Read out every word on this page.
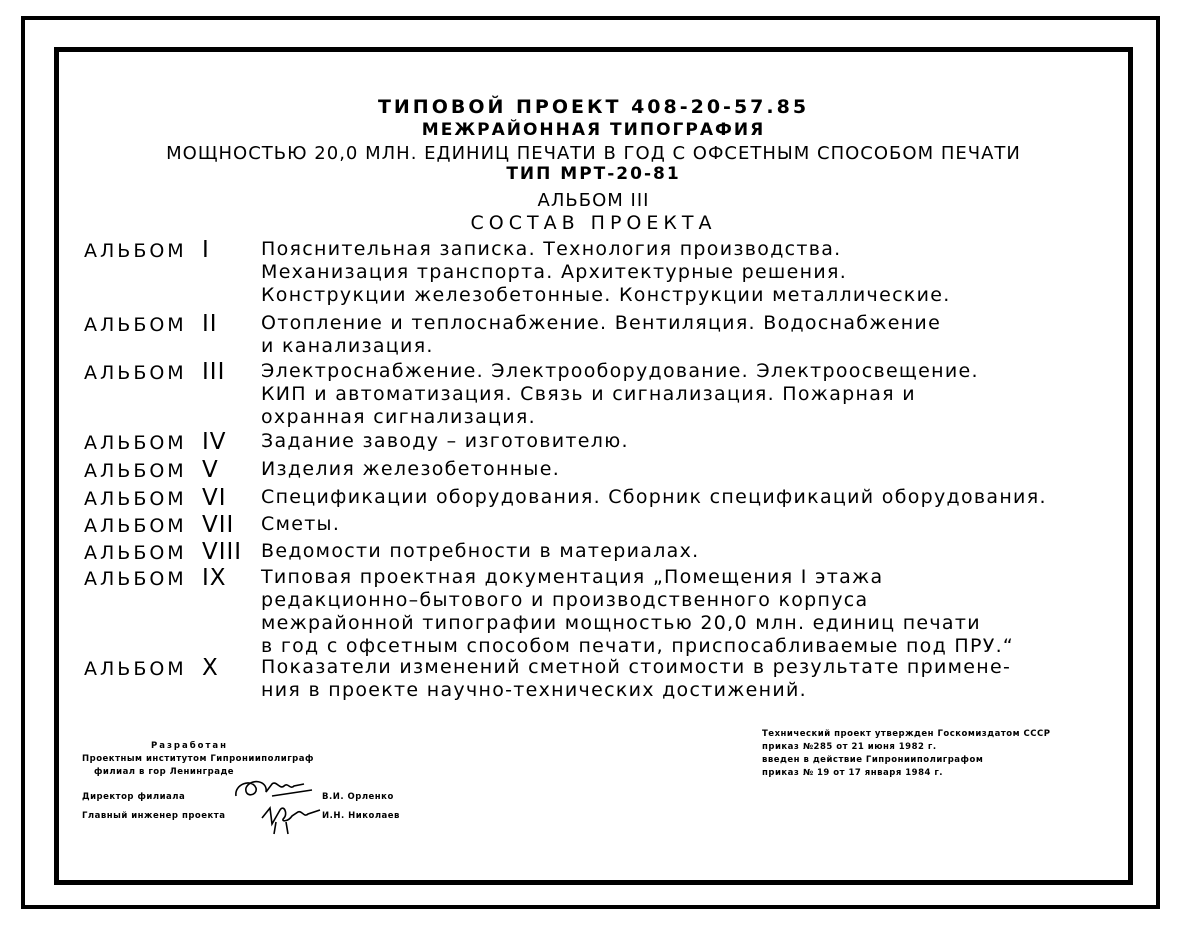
ТИПОВОЙ ПРОЕКТ 408-20-57.85
МЕЖРАЙОННАЯ ТИПОГРАФИЯ
МОЩНОСТЬЮ 20,0 МЛН. ЕДИНИЦ ПЕЧАТИ В ГОД С ОФСЕТНЫМ СПОСОБОМ ПЕЧАТИ
ТИП МРТ-20-81
АЛЬБОМ III
СОСТАВ ПРОЕКТА
АЛЬБОМ I	Пояснительная записка. Технология производства.
Механизация транспорта. Архитектурные решения.
Конструкции железобетонные. Конструкции металлические.
АЛЬБОМ II Отопление и теплоснабжение. Вентиляция. Водоснабжение
и канализация.
АЛЬБОМ III Электроснабжение. Электрооборудование. Электроосвещение.
КИП и автоматизация. Связь и сигнализация. Пожарная и
охранная сигнализация.
АЛЬБОМ IV Задание заводу – изготовителю.
АЛЬБОМ V Изделия железобетонные.
АЛЬБОМ VI Спецификации оборудования. Сборник спецификаций оборудования.
АЛЬБОМ VII Сметы.
АЛЬБОМ VIII Ведомости потребности в материалах.
АЛЬБОМ IX Типовая проектная документация „Помещения I этажа
редакционно–бытового и производственного корпуса
межрайонной типографии мощностью 20,0 млн. единиц печати
в год с офсетным способом печати, приспосабливаемые под ПРУ.“
АЛЬБОМ X Показатели изменений сметной стоимости в результате примене-
ния в проекте научно-технических достижений.
Разработан
Проектным институтом Гипронииполиграф
филиал в гор Ленинграде
Директор филиала	В.И. Орленко
Главный инженер проекта	И.Н. Николаев
Технический проект утвержден Госкомиздатом СССР
приказ №285 от 21 июня 1982 г.
введен в действие Гипронииполиграфом
приказ № 19 от 17 января 1984 г.
